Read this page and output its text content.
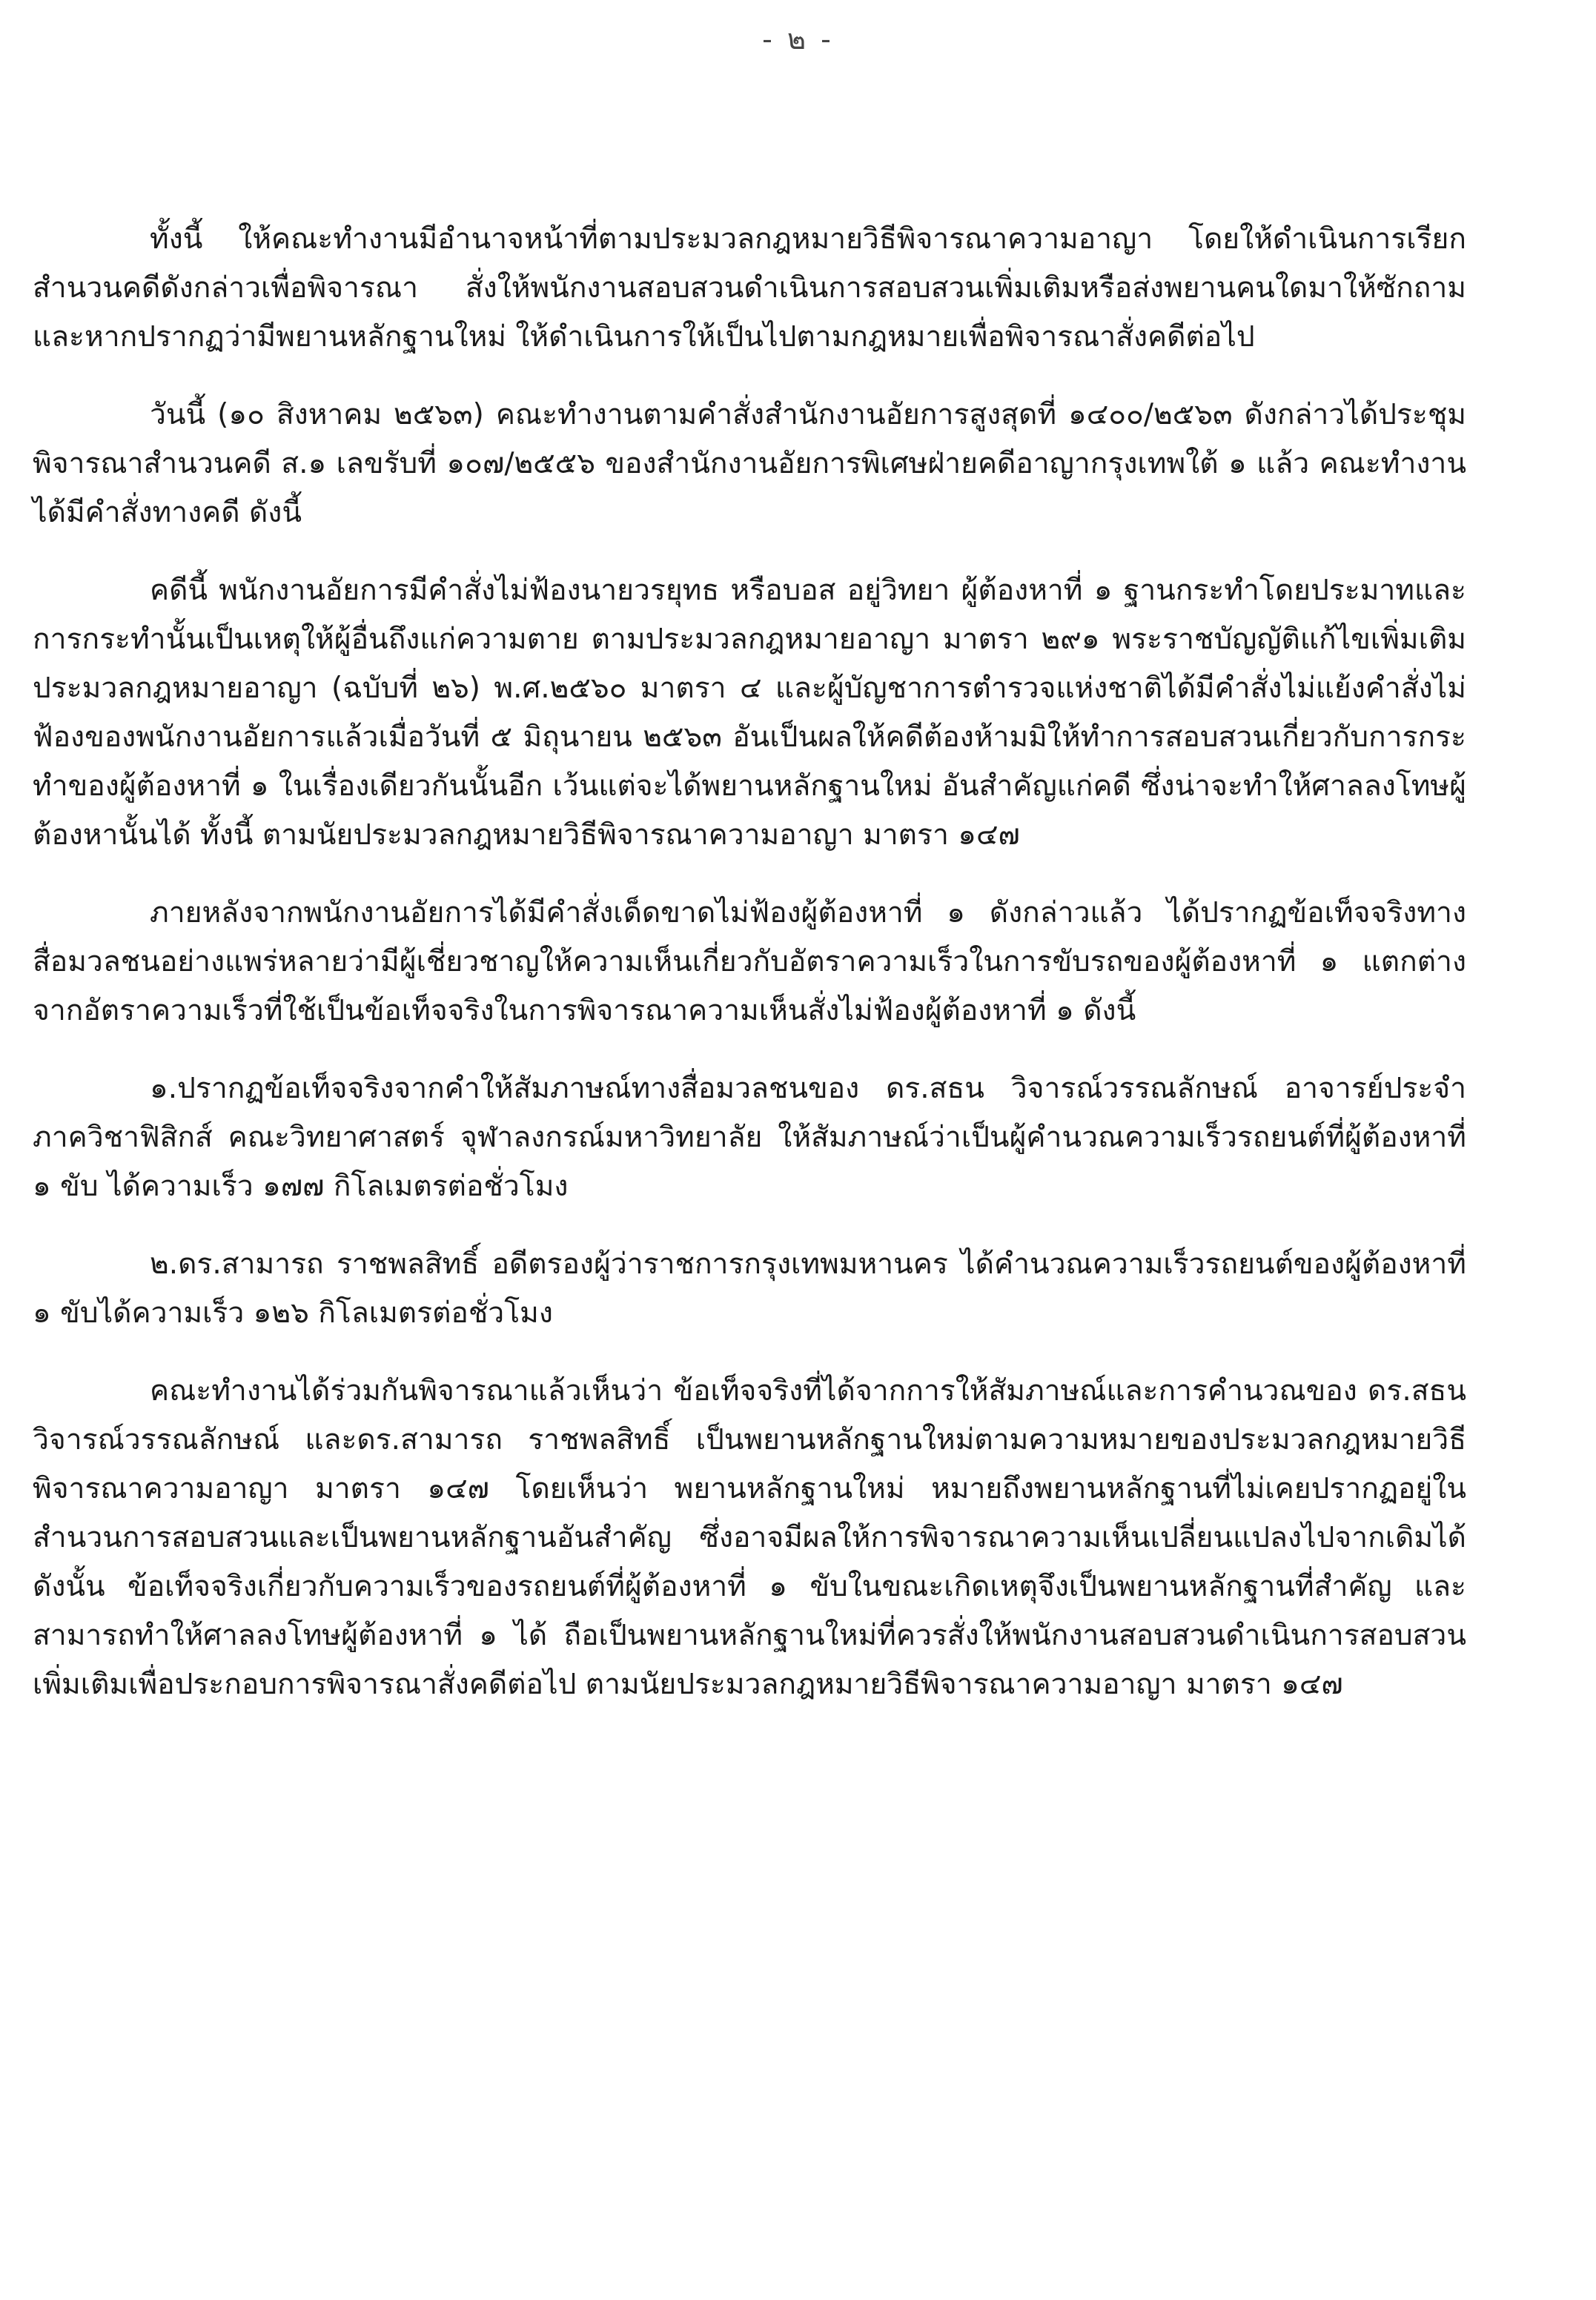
- ๒ -

ทั้งนี้ ให้คณะทำงานมีอำนาจหน้าที่ตามประมวลกฎหมายวิธีพิจารณาความอาญา โดยให้ดำเนินการเรียกสำนวนคดีดังกล่าวเพื่อพิจารณา สั่งให้พนักงานสอบสวนดำเนินการสอบสวนเพิ่มเติมหรือส่งพยานคนใดมาให้ซักถาม และหากปรากฏว่ามีพยานหลักฐานใหม่ ให้ดำเนินการให้เป็นไปตามกฎหมายเพื่อพิจารณาสั่งคดีต่อไป

วันนี้ (๑๐ สิงหาคม ๒๕๖๓) คณะทำงานตามคำสั่งสำนักงานอัยการสูงสุดที่ ๑๔๐๐/๒๕๖๓ ดังกล่าวได้ประชุมพิจารณาสำนวนคดี ส.๑ เลขรับที่ ๑๐๗/๒๕๕๖ ของสำนักงานอัยการพิเศษฝ่ายคดีอาญากรุงเทพใต้ ๑ แล้ว คณะทำงานได้มีคำสั่งทางคดี ดังนี้

คดีนี้ พนักงานอัยการมีคำสั่งไม่ฟ้องนายวรยุทธ หรือบอส อยู่วิทยา ผู้ต้องหาที่ ๑ ฐานกระทำโดยประมาทและการกระทำนั้นเป็นเหตุให้ผู้อื่นถึงแก่ความตาย ตามประมวลกฎหมายอาญา มาตรา ๒๙๑ พระราชบัญญัติแก้ไขเพิ่มเติมประมวลกฎหมายอาญา (ฉบับที่ ๒๖) พ.ศ.๒๕๖๐ มาตรา ๔ และผู้บัญชาการตำรวจแห่งชาติได้มีคำสั่งไม่แย้งคำสั่งไม่ฟ้องของพนักงานอัยการแล้วเมื่อวันที่ ๕ มิถุนายน ๒๕๖๓ อันเป็นผลให้คดีต้องห้ามมิให้ทำการสอบสวนเกี่ยวกับการกระทำของผู้ต้องหาที่ ๑ ในเรื่องเดียวกันนั้นอีก เว้นแต่จะได้พยานหลักฐานใหม่ อันสำคัญแก่คดี ซึ่งน่าจะทำให้ศาลลงโทษผู้ต้องหานั้นได้ ทั้งนี้ ตามนัยประมวลกฎหมายวิธีพิจารณาความอาญา มาตรา ๑๔๗

ภายหลังจากพนักงานอัยการได้มีคำสั่งเด็ดขาดไม่ฟ้องผู้ต้องหาที่ ๑ ดังกล่าวแล้ว ได้ปรากฏข้อเท็จจริงทางสื่อมวลชนอย่างแพร่หลายว่ามีผู้เชี่ยวชาญให้ความเห็นเกี่ยวกับอัตราความเร็วในการขับรถของผู้ต้องหาที่ ๑ แตกต่างจากอัตราความเร็วที่ใช้เป็นข้อเท็จจริงในการพิจารณาความเห็นสั่งไม่ฟ้องผู้ต้องหาที่ ๑ ดังนี้

๑.ปรากฏข้อเท็จจริงจากคำให้สัมภาษณ์ทางสื่อมวลชนของ ดร.สธน วิจารณ์วรรณลักษณ์ อาจารย์ประจำภาควิชาฟิสิกส์ คณะวิทยาศาสตร์ จุฬาลงกรณ์มหาวิทยาลัย ให้สัมภาษณ์ว่าเป็นผู้คำนวณความเร็วรถยนต์ที่ผู้ต้องหาที่ ๑ ขับ ได้ความเร็ว ๑๗๗ กิโลเมตรต่อชั่วโมง

๒.ดร.สามารถ ราชพลสิทธิ์ อดีตรองผู้ว่าราชการกรุงเทพมหานคร ได้คำนวณความเร็วรถยนต์ของผู้ต้องหาที่ ๑ ขับได้ความเร็ว ๑๒๖ กิโลเมตรต่อชั่วโมง

คณะทำงานได้ร่วมกันพิจารณาแล้วเห็นว่า ข้อเท็จจริงที่ได้จากการให้สัมภาษณ์และการคำนวณของ ดร.สธน วิจารณ์วรรณลักษณ์ และดร.สามารถ ราชพลสิทธิ์ เป็นพยานหลักฐานใหม่ตามความหมายของประมวลกฎหมายวิธีพิจารณาความอาญา มาตรา ๑๔๗ โดยเห็นว่า พยานหลักฐานใหม่ หมายถึงพยานหลักฐานที่ไม่เคยปรากฏอยู่ในสำนวนการสอบสวนและเป็นพยานหลักฐานอันสำคัญ ซึ่งอาจมีผลให้การพิจารณาความเห็นเปลี่ยนแปลงไปจากเดิมได้ ดังนั้น ข้อเท็จจริงเกี่ยวกับความเร็วของรถยนต์ที่ผู้ต้องหาที่ ๑ ขับในขณะเกิดเหตุจึงเป็นพยานหลักฐานที่สำคัญ และสามารถทำให้ศาลลงโทษผู้ต้องหาที่ ๑ ได้ ถือเป็นพยานหลักฐานใหม่ที่ควรสั่งให้พนักงานสอบสวนดำเนินการสอบสวนเพิ่มเติมเพื่อประกอบการพิจารณาสั่งคดีต่อไป ตามนัยประมวลกฎหมายวิธีพิจารณาความอาญา มาตรา ๑๔๗
